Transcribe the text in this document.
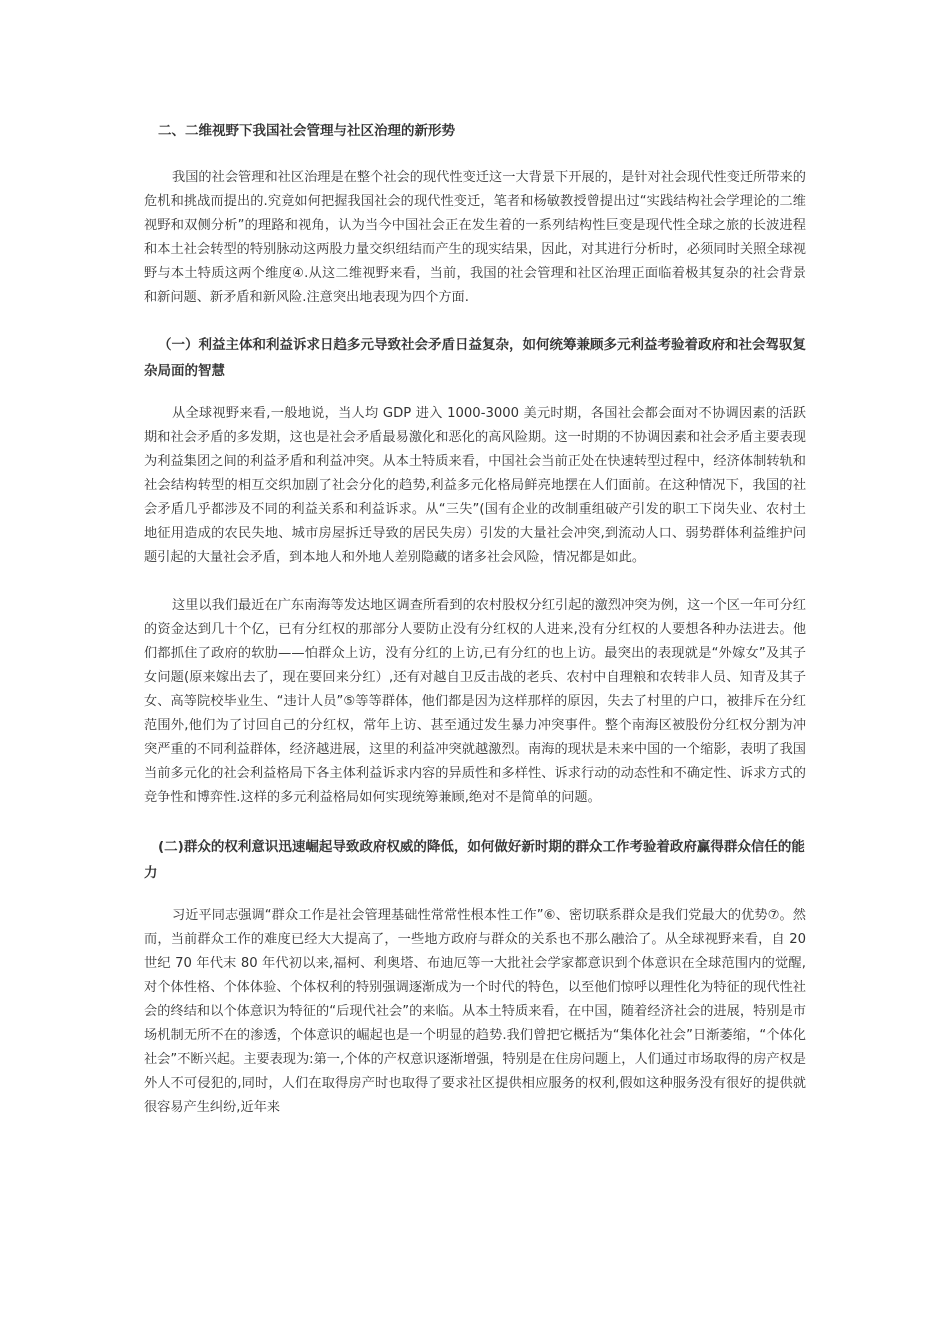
二、二维视野下我国社会管理与社区治理的新形势

我国的社会管理和社区治理是在整个社会的现代性变迁这一大背景下开展的，是针对社会现代性变迁所带来的危机和挑战而提出的.究竟如何把握我国社会的现代性变迁，笔者和杨敏教授曾提出过“实践结构社会学理论的二维视野和双侧分析”的理路和视角，认为当今中国社会正在发生着的一系列结构性巨变是现代性全球之旅的长波进程和本土社会转型的特别脉动这两股力量交织纽结而产生的现实结果，因此，对其进行分析时，必须同时关照全球视野与本土特质这两个维度④.从这二维视野来看，当前，我国的社会管理和社区治理正面临着极其复杂的社会背景和新问题、新矛盾和新风险.注意突出地表现为四个方面.

（一）利益主体和利益诉求日趋多元导致社会矛盾日益复杂，如何统筹兼顾多元利益考验着政府和社会驾驭复杂局面的智慧

从全球视野来看,一般地说，当人均 GDP 进入 1000-3000 美元时期，各国社会都会面对不协调因素的活跃期和社会矛盾的多发期，这也是社会矛盾最易激化和恶化的高风险期。这一时期的不协调因素和社会矛盾主要表现为利益集团之间的利益矛盾和利益冲突。从本土特质来看，中国社会当前正处在快速转型过程中，经济体制转轨和社会结构转型的相互交织加剧了社会分化的趋势,利益多元化格局鲜亮地摆在人们面前。在这种情况下，我国的社会矛盾几乎都涉及不同的利益关系和利益诉求。从“三失”(国有企业的改制重组破产引发的职工下岗失业、农村土地征用造成的农民失地、城市房屋拆迁导致的居民失房）引发的大量社会冲突,到流动人口、弱势群体利益维护问题引起的大量社会矛盾，到本地人和外地人差别隐藏的诸多社会风险，情况都是如此。

这里以我们最近在广东南海等发达地区调查所看到的农村股权分红引起的激烈冲突为例，这一个区一年可分红的资金达到几十个亿，已有分红权的那部分人要防止没有分红权的人进来,没有分红权的人要想各种办法进去。他们都抓住了政府的软肋——怕群众上访，没有分红的上访,已有分红的也上访。最突出的表现就是“外嫁女”及其子女问题(原来嫁出去了，现在要回来分红）,还有对越自卫反击战的老兵、农村中自理粮和农转非人员、知青及其子女、高等院校毕业生、“违计人员”⑤等等群体，他们都是因为这样那样的原因，失去了村里的户口，被排斥在分红范围外,他们为了讨回自己的分红权，常年上访、甚至通过发生暴力冲突事件。整个南海区被股份分红权分割为冲突严重的不同利益群体，经济越进展，这里的利益冲突就越激烈。南海的现状是未来中国的一个缩影，表明了我国当前多元化的社会利益格局下各主体利益诉求内容的异质性和多样性、诉求行动的动态性和不确定性、诉求方式的竞争性和博弈性.这样的多元利益格局如何实现统筹兼顾,绝对不是简单的问题。

(二)群众的权利意识迅速崛起导致政府权威的降低，如何做好新时期的群众工作考验着政府赢得群众信任的能力

习近平同志强调“群众工作是社会管理基础性常常性根本性工作”⑥、密切联系群众是我们党最大的优势⑦。然而，当前群众工作的难度已经大大提高了，一些地方政府与群众的关系也不那么融洽了。从全球视野来看，自 20 世纪 70 年代末 80 年代初以来,福柯、利奥塔、布迪厄等一大批社会学家都意识到个体意识在全球范围内的觉醒,对个体性格、个体体验、个体权利的特别强调逐渐成为一个时代的特色，以至他们惊呼以理性化为特征的现代性社会的终结和以个体意识为特征的“后现代社会”的来临。从本土特质来看，在中国，随着经济社会的进展，特别是市场机制无所不在的渗透，个体意识的崛起也是一个明显的趋势.我们曾把它概括为“集体化社会”日渐萎缩，“个体化社会”不断兴起。主要表现为:第一,个体的产权意识逐渐增强，特别是在住房问题上，人们通过市场取得的房产权是外人不可侵犯的,同时，人们在取得房产时也取得了要求社区提供相应服务的权利,假如这种服务没有很好的提供就很容易产生纠纷,近年来
